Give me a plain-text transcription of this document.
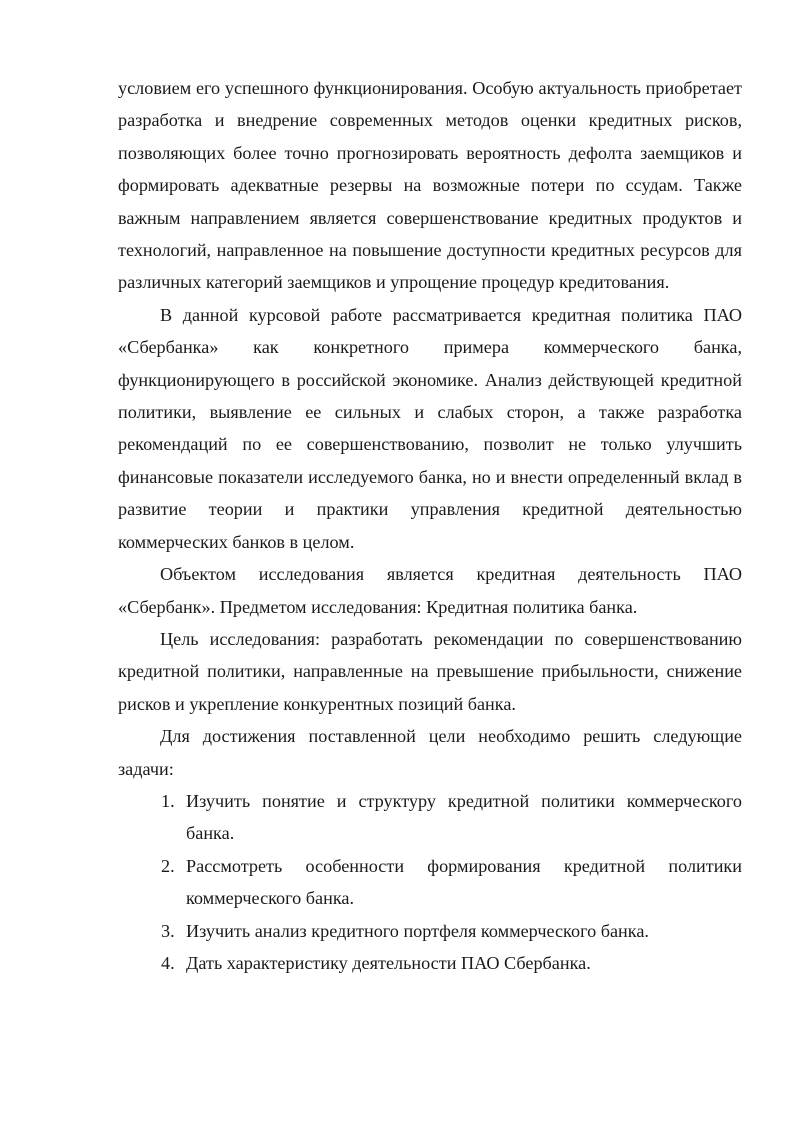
условием его успешного функционирования. Особую актуальность приобретает разработка и внедрение современных методов оценки кредитных рисков, позволяющих более точно прогнозировать вероятность дефолта заемщиков и формировать адекватные резервы на возможные потери по ссудам. Также важным направлением является совершенствование кредитных продуктов и технологий, направленное на повышение доступности кредитных ресурсов для различных категорий заемщиков и упрощение процедур кредитования.

В данной курсовой работе рассматривается кредитная политика ПАО «Сбербанка» как конкретного примера коммерческого банка, функционирующего в российской экономике. Анализ действующей кредитной политики, выявление ее сильных и слабых сторон, а также разработка рекомендаций по ее совершенствованию, позволит не только улучшить финансовые показатели исследуемого банка, но и внести определенный вклад в развитие теории и практики управления кредитной деятельностью коммерческих банков в целом.

Объектом исследования является кредитная деятельность ПАО «Сбербанк». Предметом исследования: Кредитная политика банка.

Цель исследования: разработать рекомендации по совершенствованию кредитной политики, направленные на превышение прибыльности, снижение рисков и укрепление конкурентных позиций банка.

Для достижения поставленной цели необходимо решить следующие задачи:

1. Изучить понятие и структуру кредитной политики коммерческого банка.
2. Рассмотреть особенности формирования кредитной политики коммерческого банка.
3. Изучить анализ кредитного портфеля коммерческого банка.
4. Дать характеристику деятельности ПАО Сбербанка.
